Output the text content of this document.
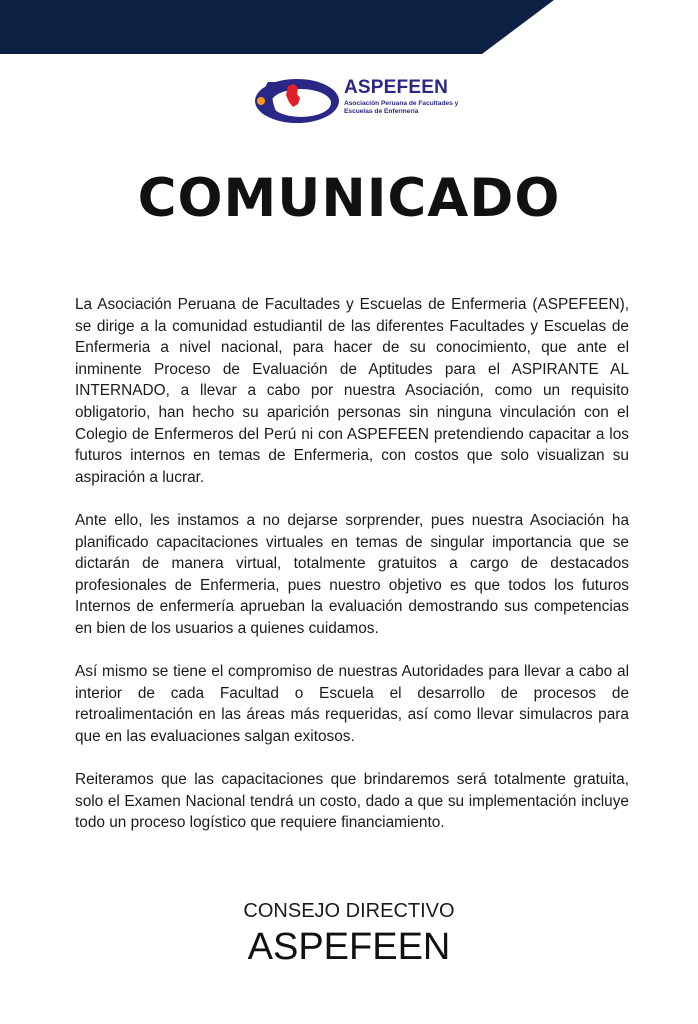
ASPEFEEN

Asociación Peruana de Facultades y Escuelas de Enfermería

COMUNICADO

La Asociación Peruana de Facultades y Escuelas de Enfermeria (ASPEFEEN), se dirige a la comunidad estudiantil de las diferentes Facultades y Escuelas de Enfermeria a nivel nacional, para hacer de su conocimiento, que ante el inminente Proceso de Evaluación de Aptitudes para el ASPIRANTE AL INTERNADO, a llevar a cabo por nuestra Asociación, como un requisito obligatorio, han hecho su aparición personas sin ninguna vinculación con el Colegio de Enfermeros del Perú ni con ASPEFEEN pretendiendo capacitar a los futuros internos en temas de Enfermeria, con costos que solo visualizan su aspiración a lucrar.

Ante ello, les instamos a no dejarse sorprender, pues nuestra Asociación ha planificado capacitaciones virtuales en temas de singular importancia que se dictarán de manera virtual, totalmente gratuitos a cargo de destacados profesionales de Enfermeria, pues nuestro objetivo es que todos los futuros Internos de enfermería aprueban la evaluación demostrando sus competencias en bien de los usuarios a quienes cuidamos.

Así mismo se tiene el compromiso de nuestras Autoridades para llevar a cabo al interior de cada Facultad o Escuela el desarrollo de procesos de retroalimentación en las áreas más requeridas, así como llevar simulacros para que en las evaluaciones salgan exitosos.

Reiteramos que las capacitaciones que brindaremos será totalmente gratuita, solo el Examen Nacional tendrá un costo, dado a que su implementación incluye todo un proceso logístico que requiere financiamiento.

CONSEJO DIRECTIVO

ASPEFEEN
